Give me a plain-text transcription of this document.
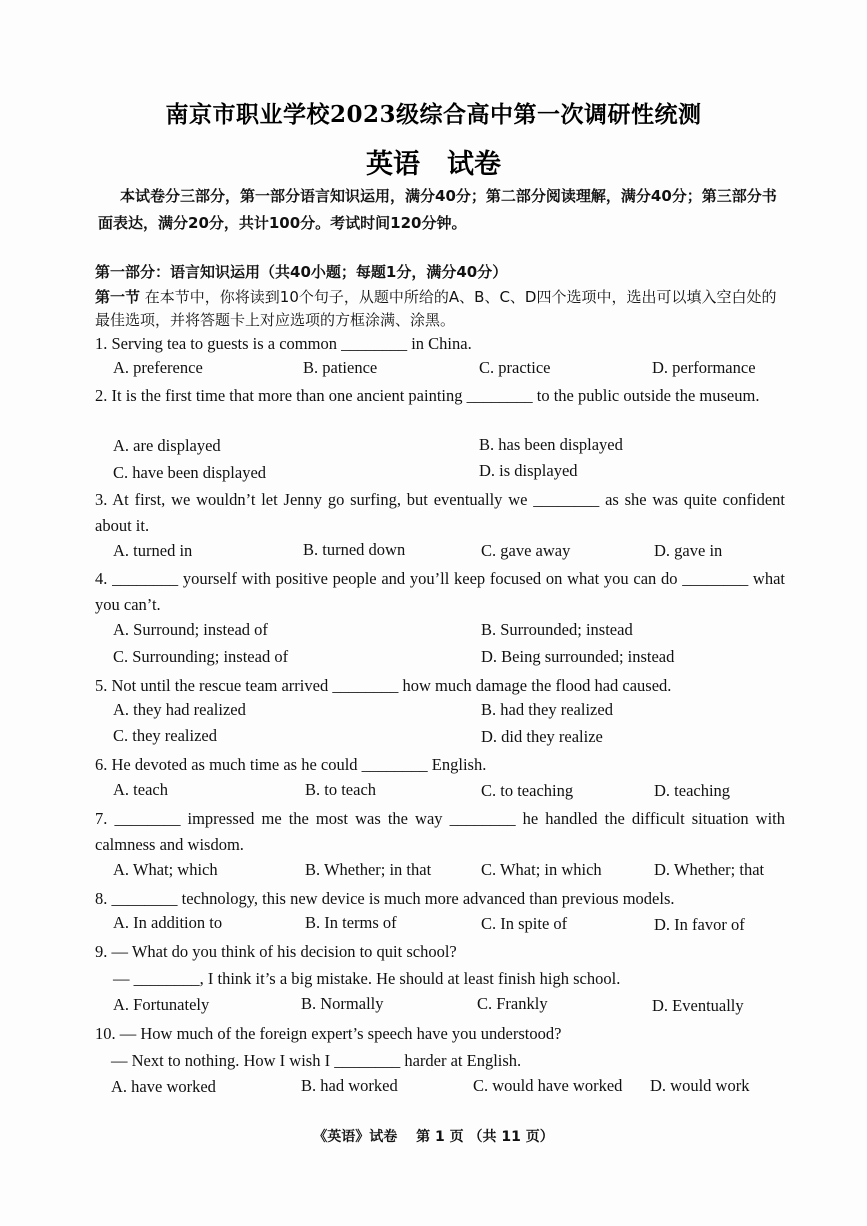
南京市职业学校2023级综合高中第一次调研性统测
英语　试卷
本试卷分三部分，第一部分语言知识运用，满分40分；第二部分阅读理解，满分40分；第三部分书面表达，满分20分，共计100分。考试时间120分钟。
第一部分：语言知识运用（共40小题；每题1分，满分40分）
第一节 在本节中，你将读到10个句子，从题中所给的A、B、C、D四个选项中，选出可以填入空白处的最佳选项，并将答题卡上对应选项的方框涂满、涂黑。
1. Serving tea to guests is a common ________ in China.
A. preference	B. patience	C. practice	D. performance
2. It is the first time that more than one ancient painting ________ to the public outside the museum.
A. are displayed	B. has been displayed
C. have been displayed	D. is displayed
3. At first, we wouldn’t let Jenny go surfing, but eventually we ________ as she was quite confident about it.
A. turned in	B. turned down	C. gave away	D. gave in
4. ________ yourself with positive people and you’ll keep focused on what you can do ________ what you can’t.
A. Surround; instead of	B. Surrounded; instead
C. Surrounding; instead of	D. Being surrounded; instead
5. Not until the rescue team arrived ________ how much damage the flood had caused.
A. they had realized	B. had they realized
C. they realized	D. did they realize
6. He devoted as much time as he could ________ English.
A. teach	B. to teach	C. to teaching	D. teaching
7. ________ impressed me the most was the way ________ he handled the difficult situation with calmness and wisdom.
A. What; which	B. Whether; in that	C. What; in which	D. Whether; that
8. ________ technology, this new device is much more advanced than previous models.
A. In addition to	B. In terms of	C. In spite of	D. In favor of
9. — What do you think of his decision to quit school?
— ________, I think it’s a big mistake. He should at least finish high school.
A. Fortunately	B. Normally	C. Frankly	D. Eventually
10. — How much of the foreign expert’s speech have you understood?
— Next to nothing. How I wish I ________ harder at English.
A. have worked	B. had worked	C. would have worked D. would work
《英语》试卷　 第 1 页 （共 11 页）
